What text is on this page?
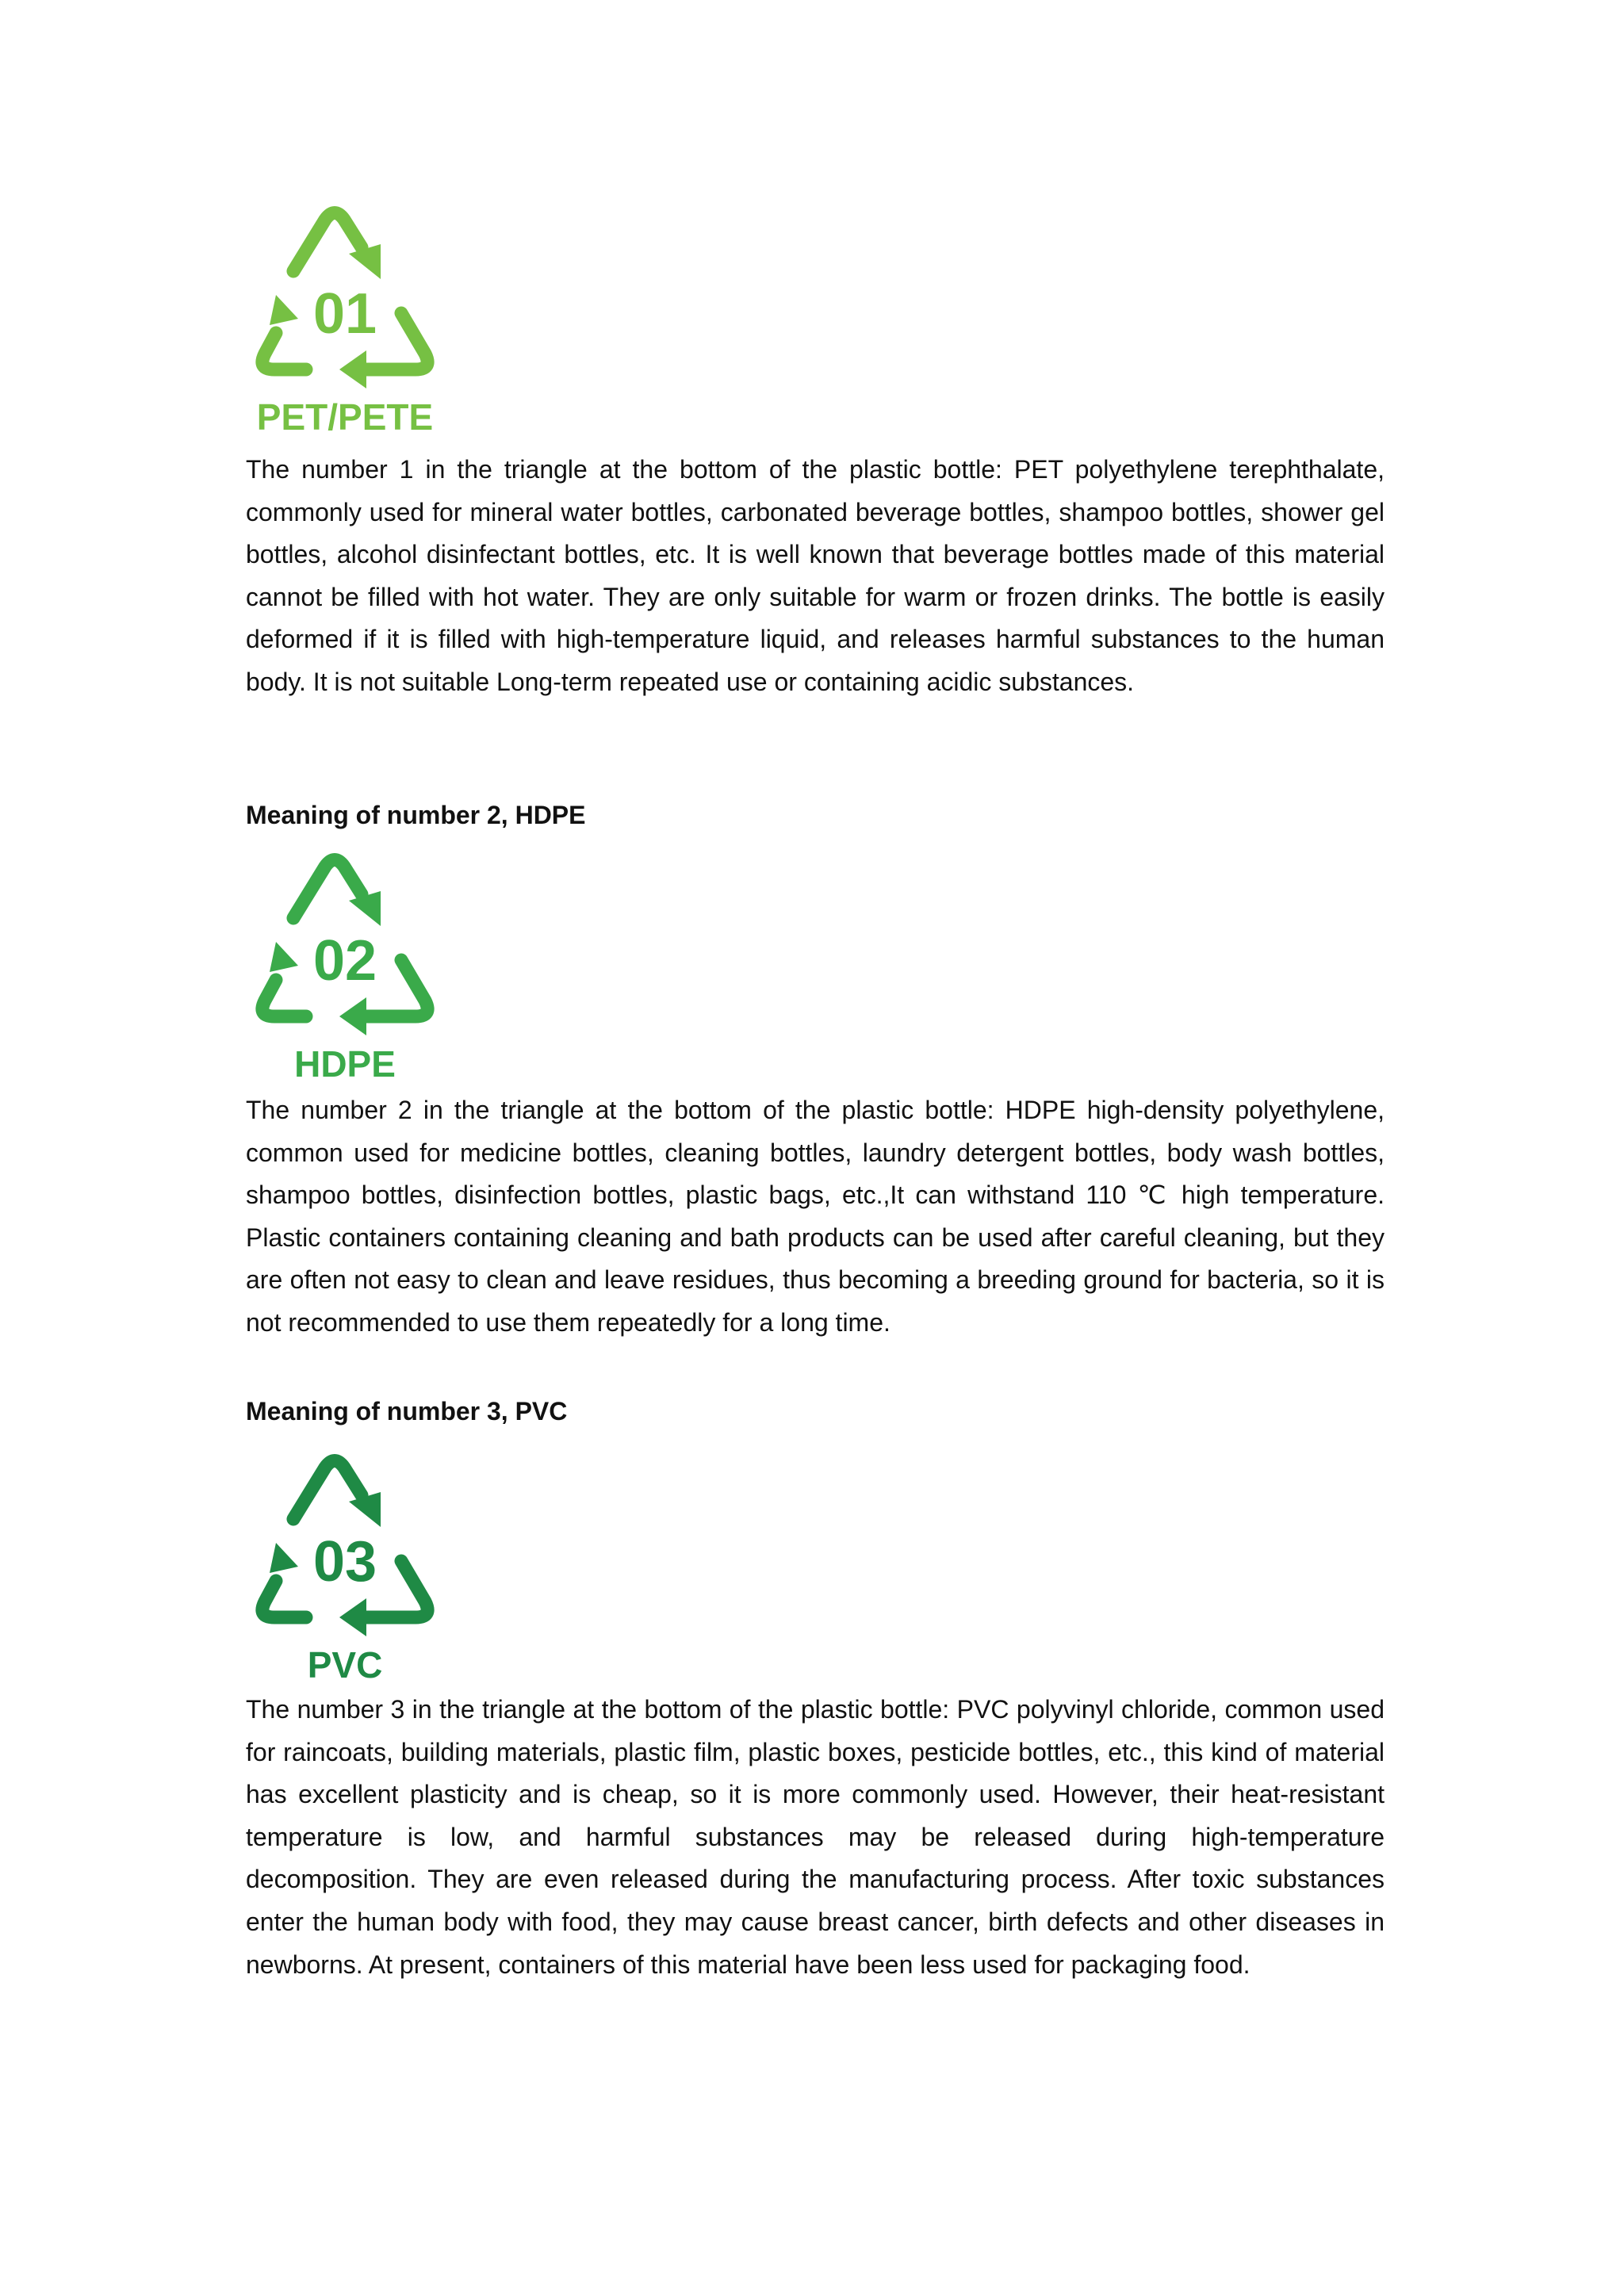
01
PET/PETE

The number 1 in the triangle at the bottom of the plastic bottle: PET polyethylene terephthalate, commonly used for mineral water bottles, carbonated beverage bottles, shampoo bottles, shower gel bottles, alcohol disinfectant bottles, etc. It is well known that beverage bottles made of this material cannot be filled with hot water. They are only suitable for warm or frozen drinks. The bottle is easily deformed if it is filled with high-temperature liquid, and releases harmful substances to the human body. It is not suitable Long-term repeated use or containing acidic substances.

Meaning of number 2, HDPE
02
HDPE

The number 2 in the triangle at the bottom of the plastic bottle: HDPE high-density polyethylene, common used for medicine bottles, cleaning bottles, laundry detergent bottles, body wash bottles, shampoo bottles, disinfection bottles, plastic bags, etc.,It can withstand 110 ℃ high temperature. Plastic containers containing cleaning and bath products can be used after careful cleaning, but they are often not easy to clean and leave residues, thus becoming a breeding ground for bacteria, so it is not recommended to use them repeatedly for a long time.

Meaning of number 3, PVC
03
PVC

The number 3 in the triangle at the bottom of the plastic bottle: PVC polyvinyl chloride, common used for raincoats, building materials, plastic film, plastic boxes, pesticide bottles, etc., this kind of material has excellent plasticity and is cheap, so it is more commonly used. However, their heat-resistant temperature is low, and harmful substances may be released during high-temperature decomposition. They are even released during the manufacturing process. After toxic substances enter the human body with food, they may cause breast cancer, birth defects and other diseases in newborns. At present, containers of this material have been less used for packaging food.
